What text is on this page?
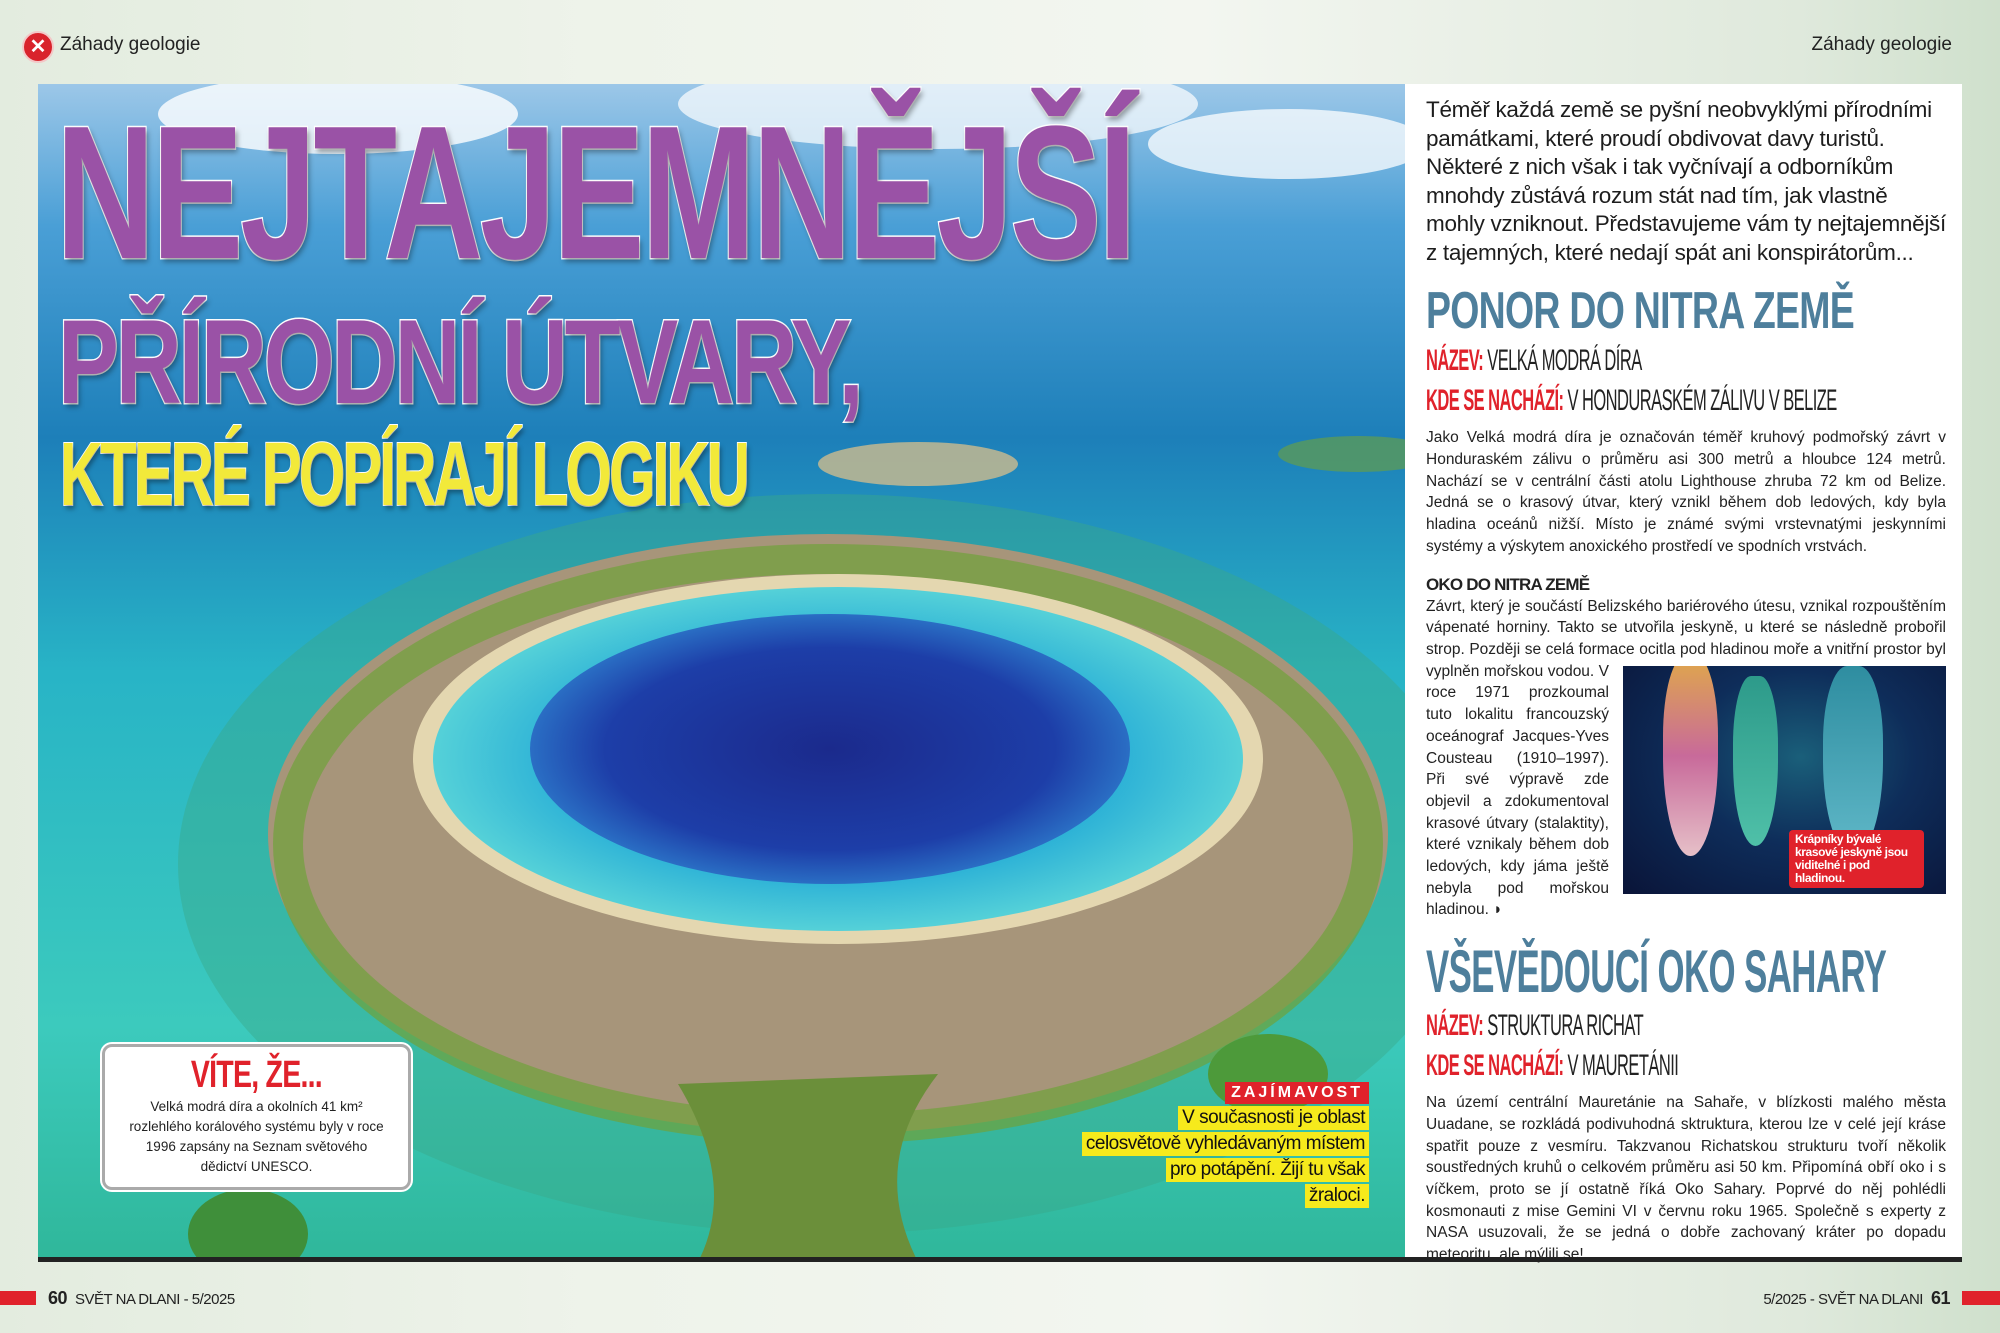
✕ Záhady geologie	Záhady geologie
NEJTAJEMNĚJŠÍ
PŘÍRODNÍ ÚTVARY,
KTERÉ POPÍRAJÍ LOGIKU
VÍTE, ŽE...
Velká modrá díra a okolních 41 km² rozlehlého korálového systému byly v roce 1996 zapsány na Seznam světového dědictví UNESCO.
ZAJÍMAVOST
V současnosti je oblast
celosvětově vyhledávaným místem
pro potápění. Žijí tu však
žraloci.

Téměř každá země se pyšní neobvyklými přírodními památkami, které proudí obdivovat davy turistů. Některé z nich však i tak vyčnívají a odborníkům mnohdy zůstává rozum stát nad tím, jak vlastně mohly vzniknout. Představujeme vám ty nejtajemnější z tajemných, které nedají spát ani konspirátorům...

PONOR DO NITRA ZEMĚ
NÁZEV: VELKÁ MODRÁ DÍRA
KDE SE NACHÁZÍ: V HONDURASKÉM ZÁLIVU V BELIZE

Jako Velká modrá díra je označován téměř kruhový podmořský závrt v Honduraském zálivu o průměru asi 300 metrů a hloubce 124 metrů. Nachází se v centrální části atolu Lighthouse zhruba 72 km od Belize. Jedná se o krasový útvar, který vznikl během dob ledových, kdy byla hladina oceánů nižší. Místo je známé svými vrstevnatými jeskynními systémy a výskytem anoxického prostředí ve spodních vrstvách.

OKO DO NITRA ZEMĚ
Krápníky bývalé krasové jeskyně jsou viditelné i pod hladinou.

Závrt, který je součástí Belizského bariérového útesu, vznikal rozpouštěním vápenaté horniny. Takto se utvořila jeskyně, u které se následně probořil strop. Později se celá formace ocitla pod hladinou moře a vnitřní prostor byl vyplněn mořskou vodou. V roce 1971 prozkoumal tuto lokalitu francouzský oceánograf Jacques-Yves Cousteau (1910–1997). Při své výpravě zde objevil a zdokumentoval krasové útvary (stalaktity), které vznikaly během dob ledových, kdy jáma ještě nebyla pod mořskou hladinou. ◗

VŠEVĚDOUCÍ OKO SAHARY
NÁZEV: STRUKTURA RICHAT
KDE SE NACHÁZÍ: V MAURETÁNII

Na území centrální Mauretánie na Sahaře, v blízkosti malého města Uuadane, se rozkládá podivuhodná sktruktura, kterou lze v celé její kráse spatřit pouze z vesmíru. Takzvanou Richatskou strukturu tvoří několik soustředných kruhů o celkovém průměru asi 50 km. Připomíná obří oko i s víčkem, proto se jí ostatně říká Oko Sahary. Poprvé do něj pohlédli kosmonauti z mise Gemini VI v červnu roku 1965. Společně s experty z NASA usuzovali, že se jedná o dobře zachovaný kráter po dopadu meteoritu, ale mýlili se!

60 SVĚT NA DLANI - 5/2025	5/2025 - SVĚT NA DLANI 61
